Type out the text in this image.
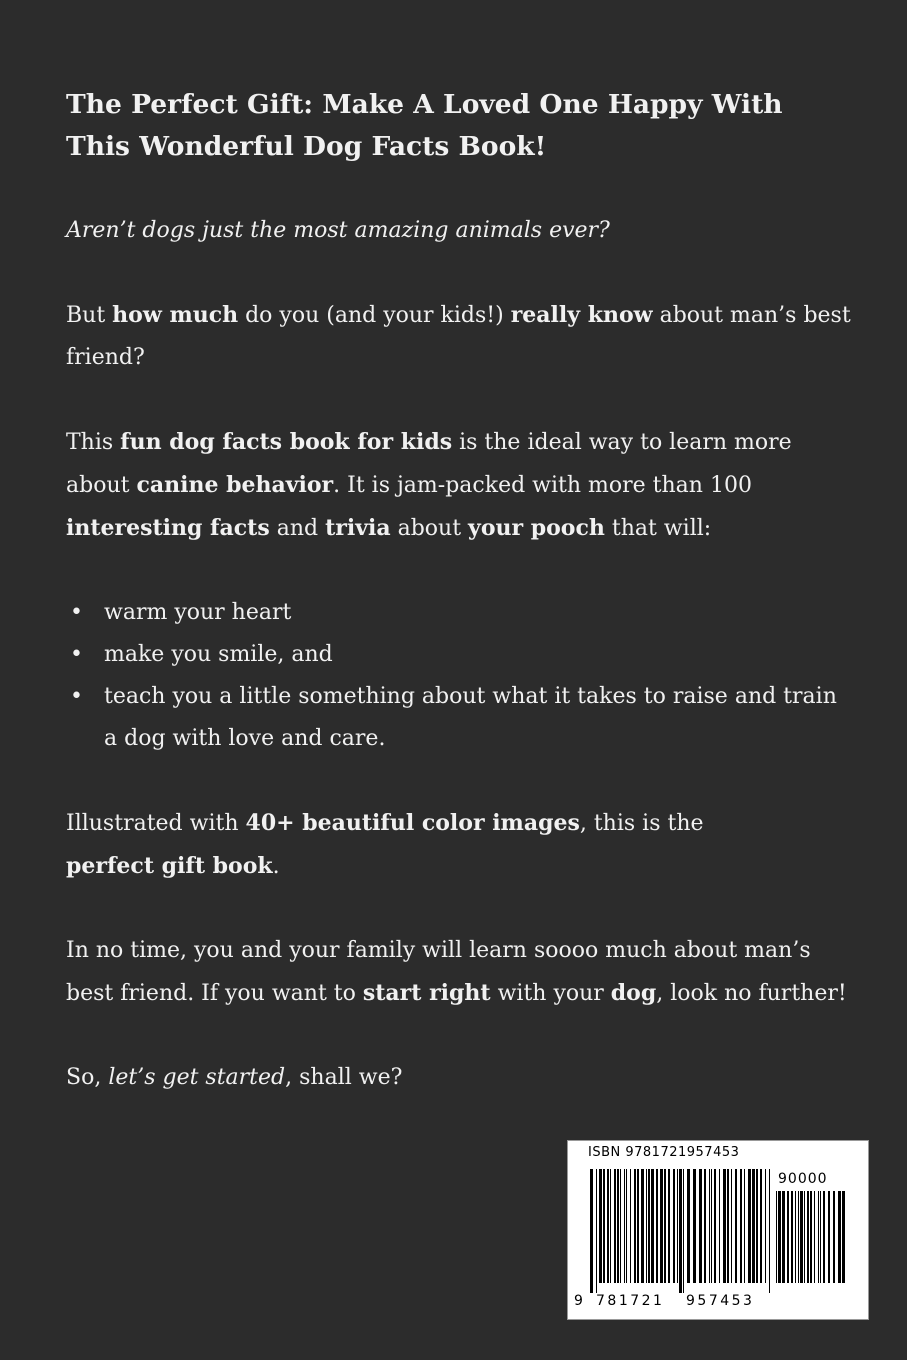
The Perfect Gift: Make A Loved One Happy With
This Wonderful Dog Facts Book!

Aren’t dogs just the most amazing animals ever?

But how much do you (and your kids!) really know about man’s best friend?

This fun dog facts book for kids is the ideal way to learn more about canine behavior. It is jam-packed with more than 100 interesting facts and trivia about your pooch that will:

• warm your heart
• make you smile, and
• teach you a little something about what it takes to raise and train a dog with love and care.

Illustrated with 40+ beautiful color images, this is the
perfect gift book.

In no time, you and your family will learn soooo much about man’s best friend. If you want to start right with your dog, look no further!

So, let’s get started, shall we?

ISBN 9781721957453
90000
9 781721 957453
